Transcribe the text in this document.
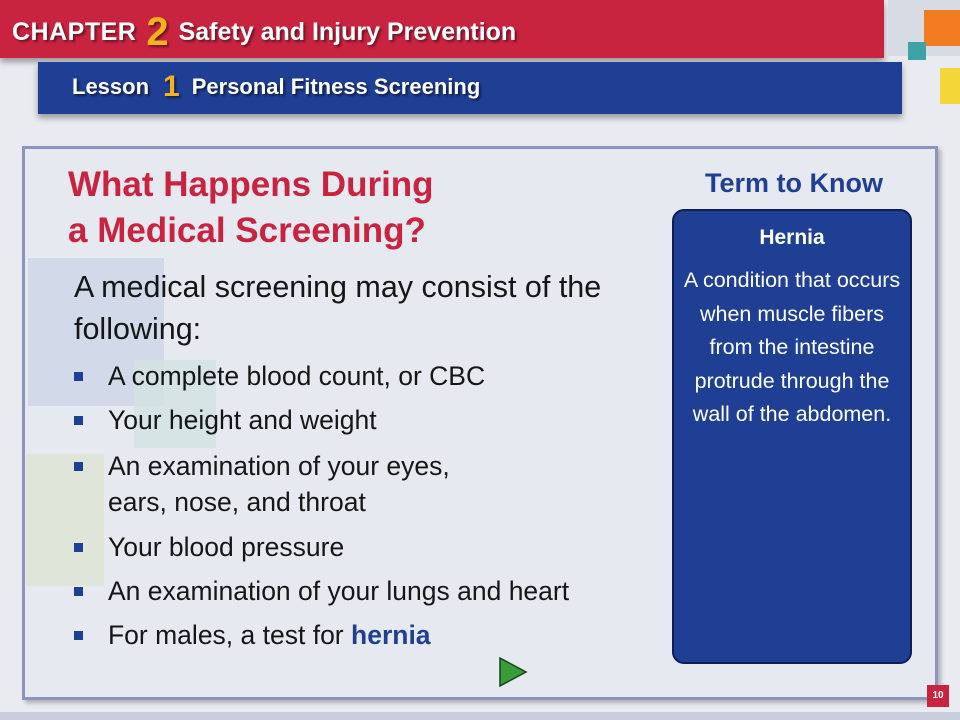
CHAPTER 2 Safety and Injury Prevention
Lesson 1 Personal Fitness Screening
What Happens During
a Medical Screening?
Term to Know
Hernia
A condition that occurs when muscle fibers from the intestine protrude through the wall of the abdomen.
A medical screening may consist of the following:
A complete blood count, or CBC
Your height and weight
An examination of your eyes,
ears, nose, and throat
Your blood pressure
An examination of your lungs and heart
For males, a test for hernia
10
